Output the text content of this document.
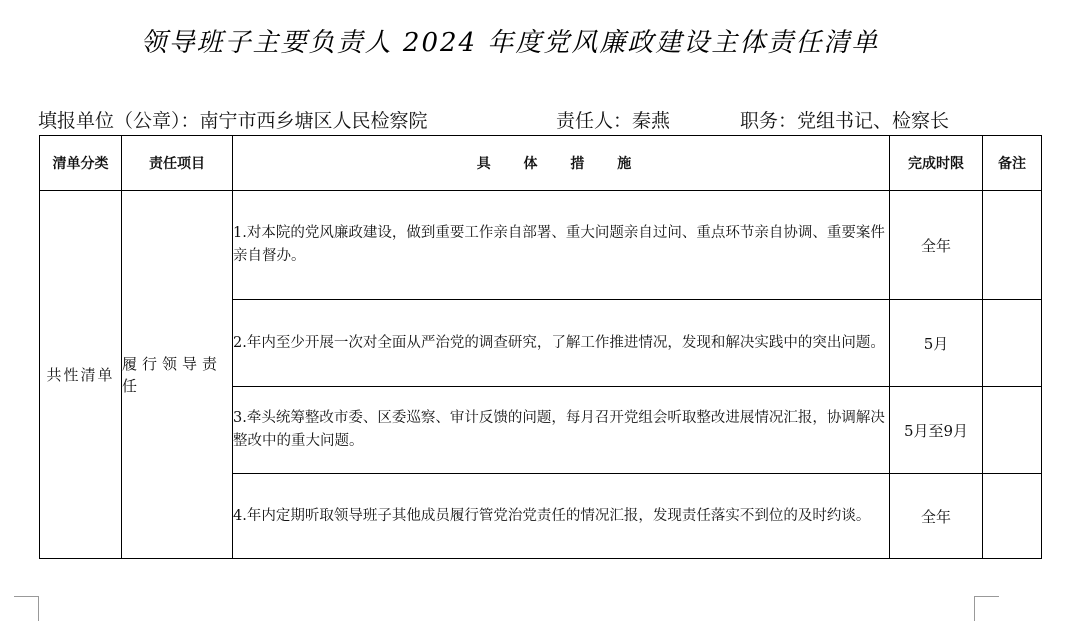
领导班子主要负责人 2024 年度党风廉政建设主体责任清单
填报单位（公章）：南宁市西乡塘区人民检察院	责任人：秦燕	职务：党组书记、检察长
清单分类	责任项目	具 体 措 施	完成时限	备注
共性清单	履行领导责任	1.对本院的党风廉政建设，做到重要工作亲自部署、重大问题亲自过问、重点环节亲自协调、重要案件亲自督办。	全年	
		2.年内至少开展一次对全面从严治党的调查研究，了解工作推进情况，发现和解决实践中的突出问题。	5月	
		3.牵头统筹整改市委、区委巡察、审计反馈的问题，每月召开党组会听取整改进展情况汇报，协调解决整改中的重大问题。	5月至9月	
		4.年内定期听取领导班子其他成员履行管党治党责任的情况汇报，发现责任落实不到位的及时约谈。	全年	
